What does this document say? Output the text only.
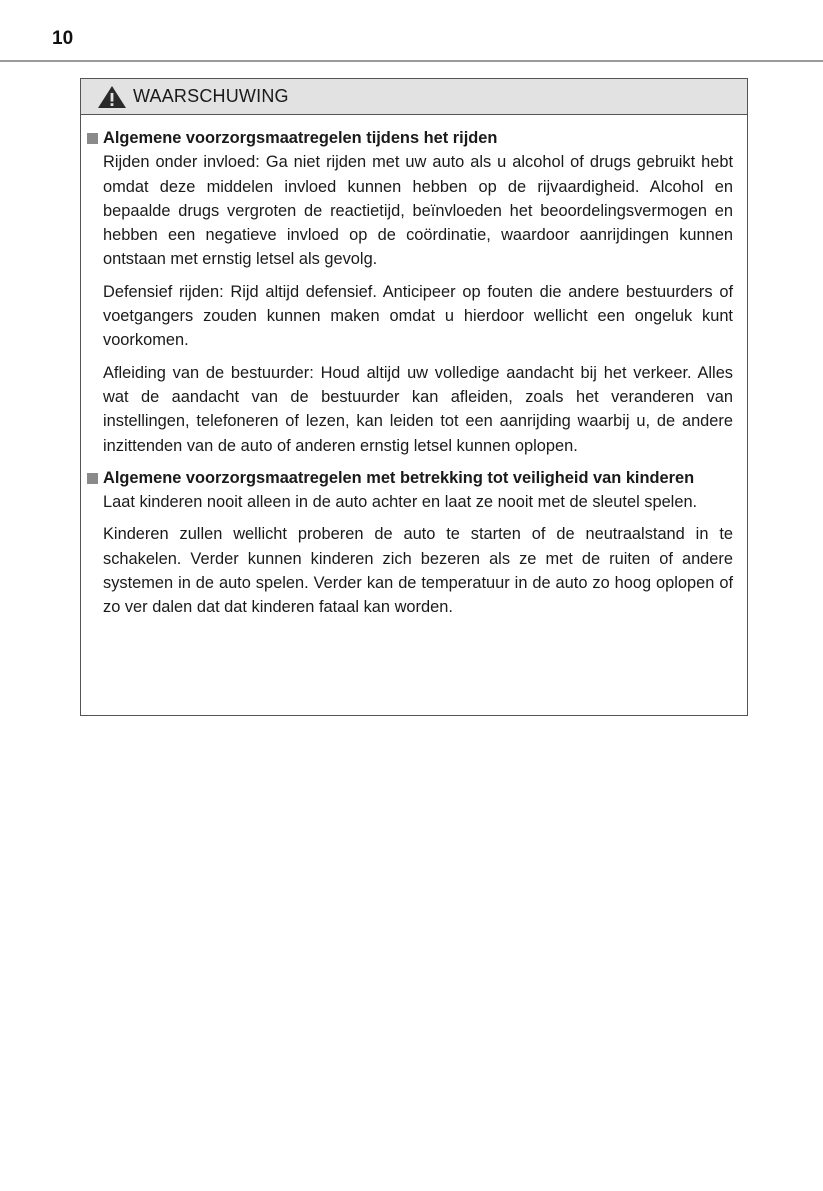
10
WAARSCHUWING
Algemene voorzorgsmaatregelen tijdens het rijden

Rijden onder invloed: Ga niet rijden met uw auto als u alcohol of drugs gebruikt hebt omdat deze middelen invloed kunnen hebben op de rijvaardigheid. Alcohol en bepaalde drugs vergroten de reactietijd, beïnvloeden het beoordelingsvermogen en hebben een negatieve invloed op de coördinatie, waardoor aanrijdingen kunnen ontstaan met ernstig letsel als gevolg.

Defensief rijden: Rijd altijd defensief. Anticipeer op fouten die andere bestuurders of voetgangers zouden kunnen maken omdat u hierdoor wellicht een ongeluk kunt voorkomen.

Afleiding van de bestuurder: Houd altijd uw volledige aandacht bij het verkeer. Alles wat de aandacht van de bestuurder kan afleiden, zoals het veranderen van instellingen, telefoneren of lezen, kan leiden tot een aanrijding waarbij u, de andere inzittenden van de auto of anderen ernstig letsel kunnen oplopen.

Algemene voorzorgsmaatregelen met betrekking tot veiligheid van kinderen

Laat kinderen nooit alleen in de auto achter en laat ze nooit met de sleutel spelen.

Kinderen zullen wellicht proberen de auto te starten of de neutraalstand in te schakelen. Verder kunnen kinderen zich bezeren als ze met de ruiten of andere systemen in de auto spelen. Verder kan de temperatuur in de auto zo hoog oplopen of zo ver dalen dat dat kinderen fataal kan worden.
